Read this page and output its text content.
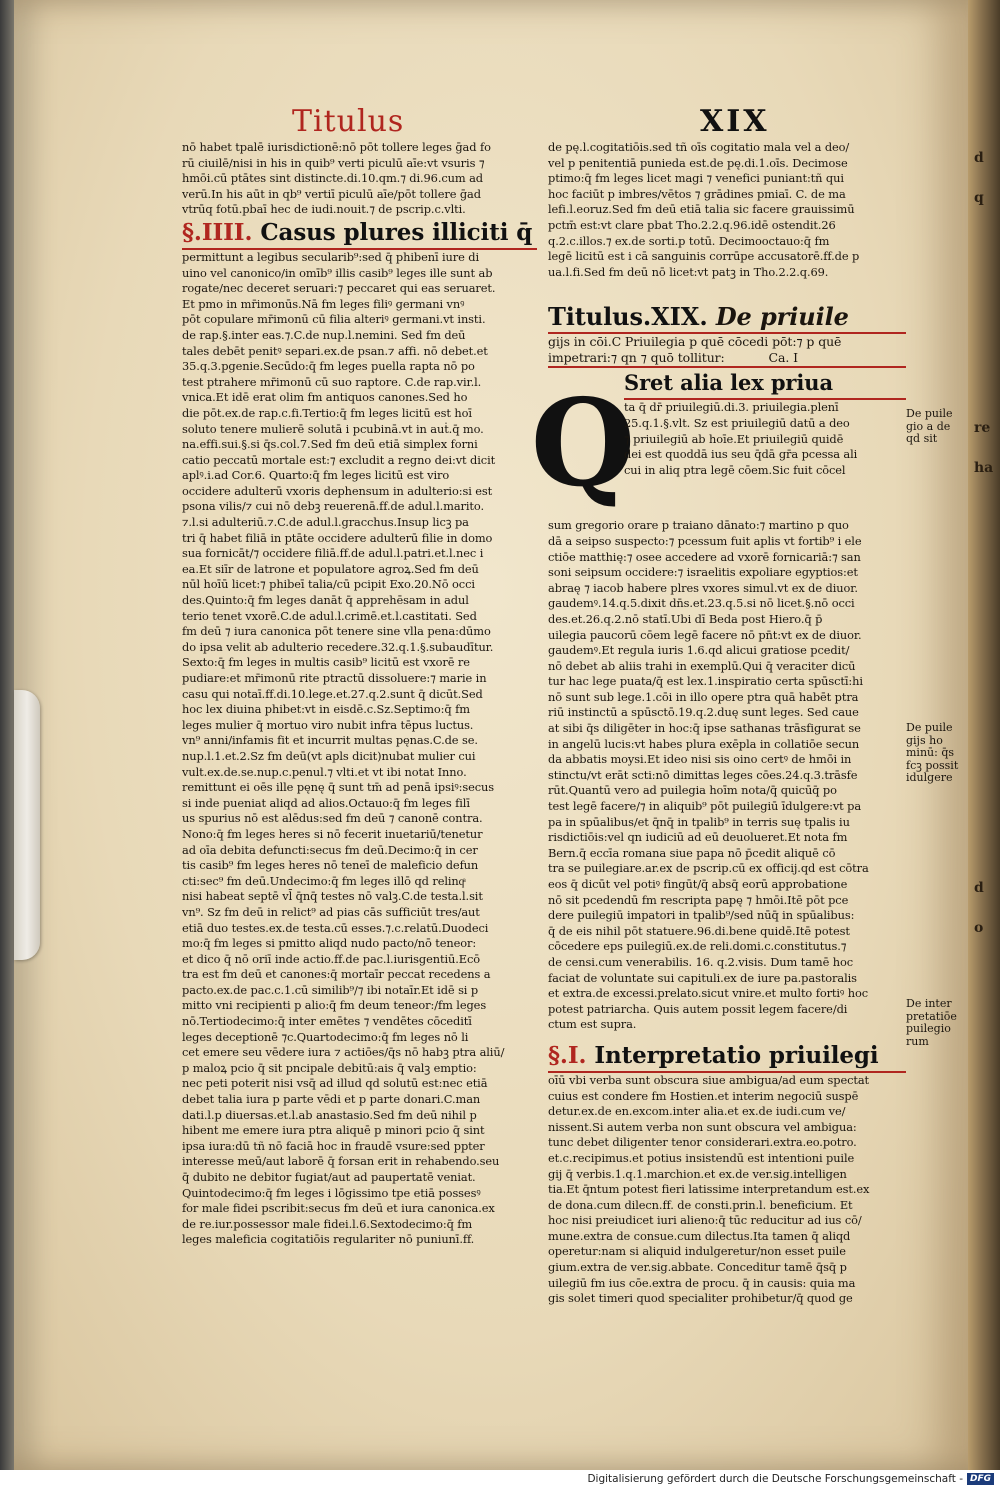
d
q
re
ha
d
o
Titulus	XIX
nō habet tpalē iurisdictionē:nō pōt tollere leges ḡad fo
rū ciuilē/nisi in his in quib⁹ verti piculū aīe:vt vsuris ⁊
hmōi.cū ptātes sint distincte.di.10.qm.⁊ di.96.cum ad
verū.In his aūt in qb⁹ vertiī piculū aīe/pōt tollere ḡad
vtrūq fotū.pbaī hec de iudi.nouit.⁊ de pscrip.c.vlti.
§.IIII. Casus plures illiciti q̄
permittunt a legibus secularib⁹:sed q̄ phibenī iure di
uino vel canonico/in omīb⁹ illis casib⁹ leges ille sunt ab
rogate/nec deceret seruari:⁊ peccaret qui eas seruaret.
Et pmo in mr̄imonūs.Nā fm leges filiꝰ germani vnꝰ
pōt copulare mr̄imonū cū filia alteriꝰ germani.vt insti.
de rap.§.inter eas.⁊.C.de nup.l.nemini. Sed fm deū
tales debēt penitꝰ separi.ex.de psan.⁊ affi. nō debet.et
35.q.3.pgenie.Secūdo:q̄ fm leges puella rapta nō po
test ptrahere mr̄imonū cū suo raptore. C.de rap.vir.l.
vnica.Et idē erat olim fm antiquos canones.Sed ho
die pōt.ex.de rap.c.fi.Tertio:q̄ fm leges licitū est hoī
soluto tenere mulierē solutā i pcubinā.vt in auṫ.q̄ mo.
na.effi.sui.§.si q̄s.col.7.Sed fm deū etiā simplex forni
catio peccatū mortale est:⁊ excludit a regno dei:vt dicit
aplꝰ.i.ad Cor.6. Quarto:q̄ fm leges licitū est viro
occidere adulterū vxoris dephensum in adulterio:si est
psona vilis/⁊ cui nō debꝫ reuerenā.ff.de adul.l.marito.
⁊.l.si adulteriū.⁊.C.de adul.l.gracchus.Insup licꝫ pa
tri q̄ habet filiā in ptāte occidere adulterū filie in domo
sua fornicāt/⁊ occidere filiā.ff.de adul.l.patri.et.l.nec i
ea.Et siīr de latrone et populatore agroꝝ.Sed fm deū
nūl hoīū licet:⁊ phibeī talia/cū pcipit Exo.20.Nō occi
des.Quinto:q̄ fm leges danāt q̄ apprehēsam in adul
terio tenet vxorē.C.de adul.l.crimē.et.l.castitati. Sed
fm deū ⁊ iura canonica pōt tenere sine vlla pena:dūmo
do ipsa velit ab adulterio recedere.32.q.1.§.subaudītur.
Sexto:q̄ fm leges in multis casib⁹ licitū est vxorē re
pudiare:et mr̄imonū rite ptractū dissoluere:⁊ marie in
casu qui notaī.ff.di.10.lege.et.27.q.2.sunt q̄ dicūt.Sed
hoc lex diuina phibet:vt in eisdē.c.Sz.Septimo:q̄ fm
leges mulier q̄ mortuo viro nubit infra tēpus luctus.
vn⁹ anni/infamis fit et incurrit multas pęnas.C.de se.
nup.l.1.et.2.Sz fm deū(vt apls dicit)nubat mulier cui
vult.ex.de.se.nup.c.penul.⁊ vlti.et vt ibi notat Inno.
remittunt ei oēs ille pęnę q̄ sunt tm̄ ad penā ipsiꝰ:secus
si inde pueniat aliqd ad alios.Octauo:q̄ fm leges filī
us spurius nō est alēdus:sed fm deū ⁊ canonē contra.
Nono:q̄ fm leges heres si nō fecerit inuetariū/tenetur
ad oīa debita defuncti:secus fm deū.Decimo:q̄ in cer
tis casib⁹ fm leges heres nō teneī de maleficio defun
cti:sec⁹ fm deū.Undecimo:q̄ fm leges illō qd relinqͣ
nisi habeat septē vl̄ q̄nq̄ testes nō valꝫ.C.de testa.l.sit
vn⁹. Sz fm deū in relict⁹ ad pias cās sufficiūt tres/aut
etiā duo testes.ex.de testa.cū esses.⁊.c.relatū.Duodeci
mo:q̄ fm leges si pmitto aliqd nudo pacto/nō teneor:
et dico q̄ nō oriī inde actio.ff.de pac.l.iurisgentiū.Ecō
tra est fm deū et canones:q̄ mortaīr peccat recedens a
pacto.ex.de pac.c.1.cū similib⁹/⁊ ibi notaīr.Et idē si p
mitto vni recipienti p alio:q̄ fm deum teneor:/fm leges
nō.Tertiodecimo:q̄ inter emētes ⁊ vendētes cōceditī
leges deceptionē ⁊c.Quartodecimo:q̄ fm leges nō li
cet emere seu vēdere iura ⁊ actiōes/q̄s nō habꝫ ptra aliū/
p maloꝝ pcio q̄ sit pncipale debitū:ais q̄ valꝫ emptio:
nec peti poterit nisi vsq̄ ad illud qd solutū est:nec etiā
debet talia iura p parte vēdi et p parte donari.C.man
dati.l.p diuersas.et.l.ab anastasio.Sed fm deū nihil p
hibent me emere iura ptra aliquē p minori pcio q̄ sint
ipsa iura:dū tñ nō faciā hoc in fraudē vsure:sed ppter
interesse meū/aut laborē q̄ forsan erit in rehabendo.seu
q̄ dubito ne debitor fugiat/aut ad paupertatē veniat.
Quintodecimo:q̄ fm leges i lōgissimo tpe etiā possesꝰ
for male fidei pscribit:secus fm deū et iura canonica.ex
de re.iur.possessor male fidei.l.6.Sextodecimo:q̄ fm
leges maleficia cogitatiōis regulariter nō puniunī.ff.
de pę.l.cogitatiōis.sed tñ oīs cogitatio mala vel a deo/
vel p penitentiā punieda est.de pę.di.1.oīs. Decimose
ptimo:q̄ fm leges licet magi ⁊ venefici puniant:tñ qui
hoc faciūt p imbres/vētos ⁊ grādines pmiaī. C. de ma
lefi.l.eoruz.Sed fm deū etiā talia sic facere grauissimū
pctm̄ est:vt clare pbat Tho.2.2.q.96.idē ostendit.26
q.2.c.illos.⁊ ex.de sorti.p totū. Decimooctauo:q̄ fm
legē licitū est i cā sanguinis corrūpe accusatorē.ff.de p
ua.l.fi.Sed fm deū nō licet:vt patꝫ in Tho.2.2.q.69.
Titulus.XIX. De priuile
gijs in cōi.C Priuilegia p quē cōcedi pōt:⁊ p quē
impetrari:⁊ qn ⁊ quō tollitur:	Ca. I
Q
Sret alia lex priua
ta q̄ dr̄ priuilegiū.di.3. priuilegia.plenī
25.q.1.§.vlt. Sz est priuilegiū datū a deo
⁊ priuilegiū ab hoīe.Et priuilegiū quidē
dei est quoddā ius seu q̄dā gr̄a pcessa ali
cui in aliq ptra legē cōem.Sic fuit cōcel
sum gregorio orare p traiano dānato:⁊ martino p quo
dā a seipso suspecto:⁊ pcessum fuit aplis vt fortib⁹ i ele
ctiōe matthię:⁊ osee accedere ad vxorē fornicariā:⁊ san
soni seipsum occidere:⁊ israelitis expoliare egyptios:et
abraę ⁊ iacob habere plres vxores simul.vt ex de diuor.
gaudemꝰ.14.q.5.dixit dn̄s.et.23.q.5.si nō licet.§.nō occi
des.et.26.q.2.nō statī.Ubi dī Beda post Hiero.q̄ p̄
uilegia paucorū cōem legē facere nō pn̄t:vt ex de diuor.
gaudemꝰ.Et regula iuris 1.6.qd alicui gratiose pcedit/
nō debet ab aliis trahi in exemplū.Qui q̄ veraciter dicū
tur hac lege puata/q̄ est lex.1.inspiratio certa spūsctī:hi
nō sunt sub lege.1.cōi in illo opere ptra quā habēt ptra
riū instinctū a spūsctō.19.q.2.duę sunt leges. Sed caue
at sibi q̄s diligēter in hoc:q̄ ipse sathanas trāsfigurat se
in angelū lucis:vt habes plura exēpla in collatiōe secun
da abbatis moysi.Et ideo nisi sis oino certꝰ de hmōi in
stinctu/vt erāt scti:nō dimittas leges cōes.24.q.3.trāsfe
rūt.Quantū vero ad puilegia hoīm nota/q̄ quicūq̄ po
test legē facere/⁊ in aliquib⁹ pōt puilegiū īdulgere:vt pa
pa in spūalibus/et q̄nq̄ in tpalib⁹ in terris suę tpalis iu
risdictiōis:vel qn iudiciū ad eū deuolueret.Et nota fm
Bern.q̄ eccīa romana siue papa nō p̄cedit aliquē cō
tra se puilegiare.ar.ex de pscrip.cū ex officij.qd est cōtra
eos q̄ dicūt vel potiꝰ fingūt/q̄ absq̄ eorū approbatione
nō sit pcedendū fm rescripta papę ⁊ hmōi.Itē pōt pce
dere puilegiū impatori in tpalib⁹/sed nūq̄ in spūalibus:
q̄ de eis nihil pōt statuere.96.di.bene quidē.Itē potest
cōcedere eps puilegiū.ex.de reli.domi.c.constitutus.⁊
de censi.cum venerabilis. 16. q.2.visis. Dum tamē hoc
faciat de voluntate sui capituli.ex de iure pa.pastoralis
et extra.de excessi.prelato.sicut vnire.et multo fortiꝰ hoc
potest patriarcha. Quis autem possit legem facere/di
ctum est supra.
§.I. Interpretatio priuilegi
oīū vbi verba sunt obscura siue ambigua/ad eum spectat
cuius est condere fm Hostien.et interim negociū suspē
detur.ex.de en.excom.inter alia.et ex.de iudi.cum ve/
nissent.Si autem verba non sunt obscura vel ambigua:
tunc debet diligenter tenor considerari.extra.eo.potro.
et.c.recipimus.et potius insistendū est intentioni puile
gij q̄ verbis.1.q.1.marchion.et ex.de ver.sig.intelligen
tia.Et q̄ntum potest fieri latissime interpretandum est.ex
de dona.cum dilecn.ff. de consti.prin.l. beneficium. Et
hoc nisi preiudicet iuri alieno:q̄ tūc reducitur ad ius cō/
mune.extra de consue.cum dilectus.Ita tamen q̄ aliqd
operetur:nam si aliquid indulgeretur/non esset puile
gium.extra de ver.sig.abbate. Conceditur tamē q̄sq̄ p
uilegiū fm ius cōe.extra de procu. q̄ in causis: quia ma
gis solet timeri quod specialiter prohibetur/q̄ quod ge
De puile
gio a de
qd sit
De puile
gijs ho
minū: q̄s
fcꝫ possit
idulgere
De inter
pretatiōe
puilegio
rum
Digitalisierung gefördert durch die Deutsche Forschungsgemeinschaft - DFG
